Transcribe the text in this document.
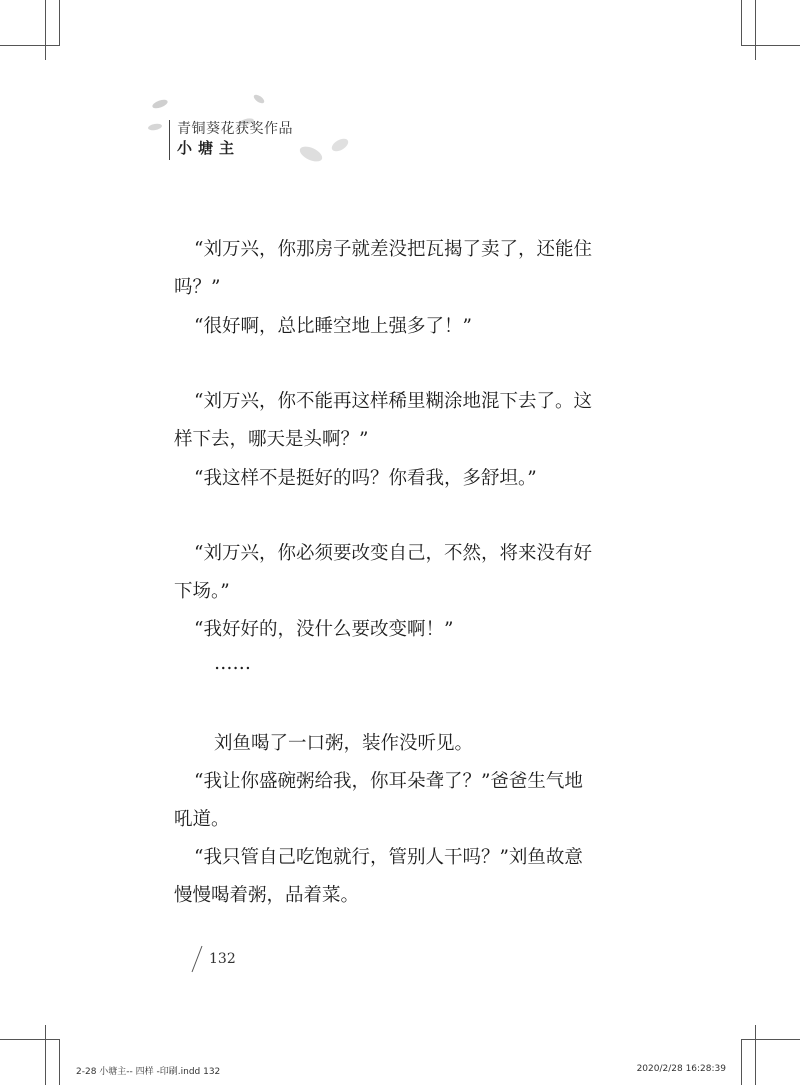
青铜葵花获奖作品
小塘主
“刘万兴，你那房子就差没把瓦揭了卖了，还能住
吗？”
“很好啊，总比睡空地上强多了！”
“刘万兴，你不能再这样稀里糊涂地混下去了。这
样下去，哪天是头啊？”
“我这样不是挺好的吗？你看我，多舒坦。”
“刘万兴，你必须要改变自己，不然，将来没有好
下场。”
“我好好的，没什么要改变啊！”
……
刘鱼喝了一口粥，装作没听见。
“我让你盛碗粥给我，你耳朵聋了？”爸爸生气地
吼道。
“我只管自己吃饱就行，管别人干吗？”刘鱼故意
慢慢喝着粥，品着菜。
132
2-28 小塘主-- 四样 -印刷.indd 132	2020/2/28 16:28:39
